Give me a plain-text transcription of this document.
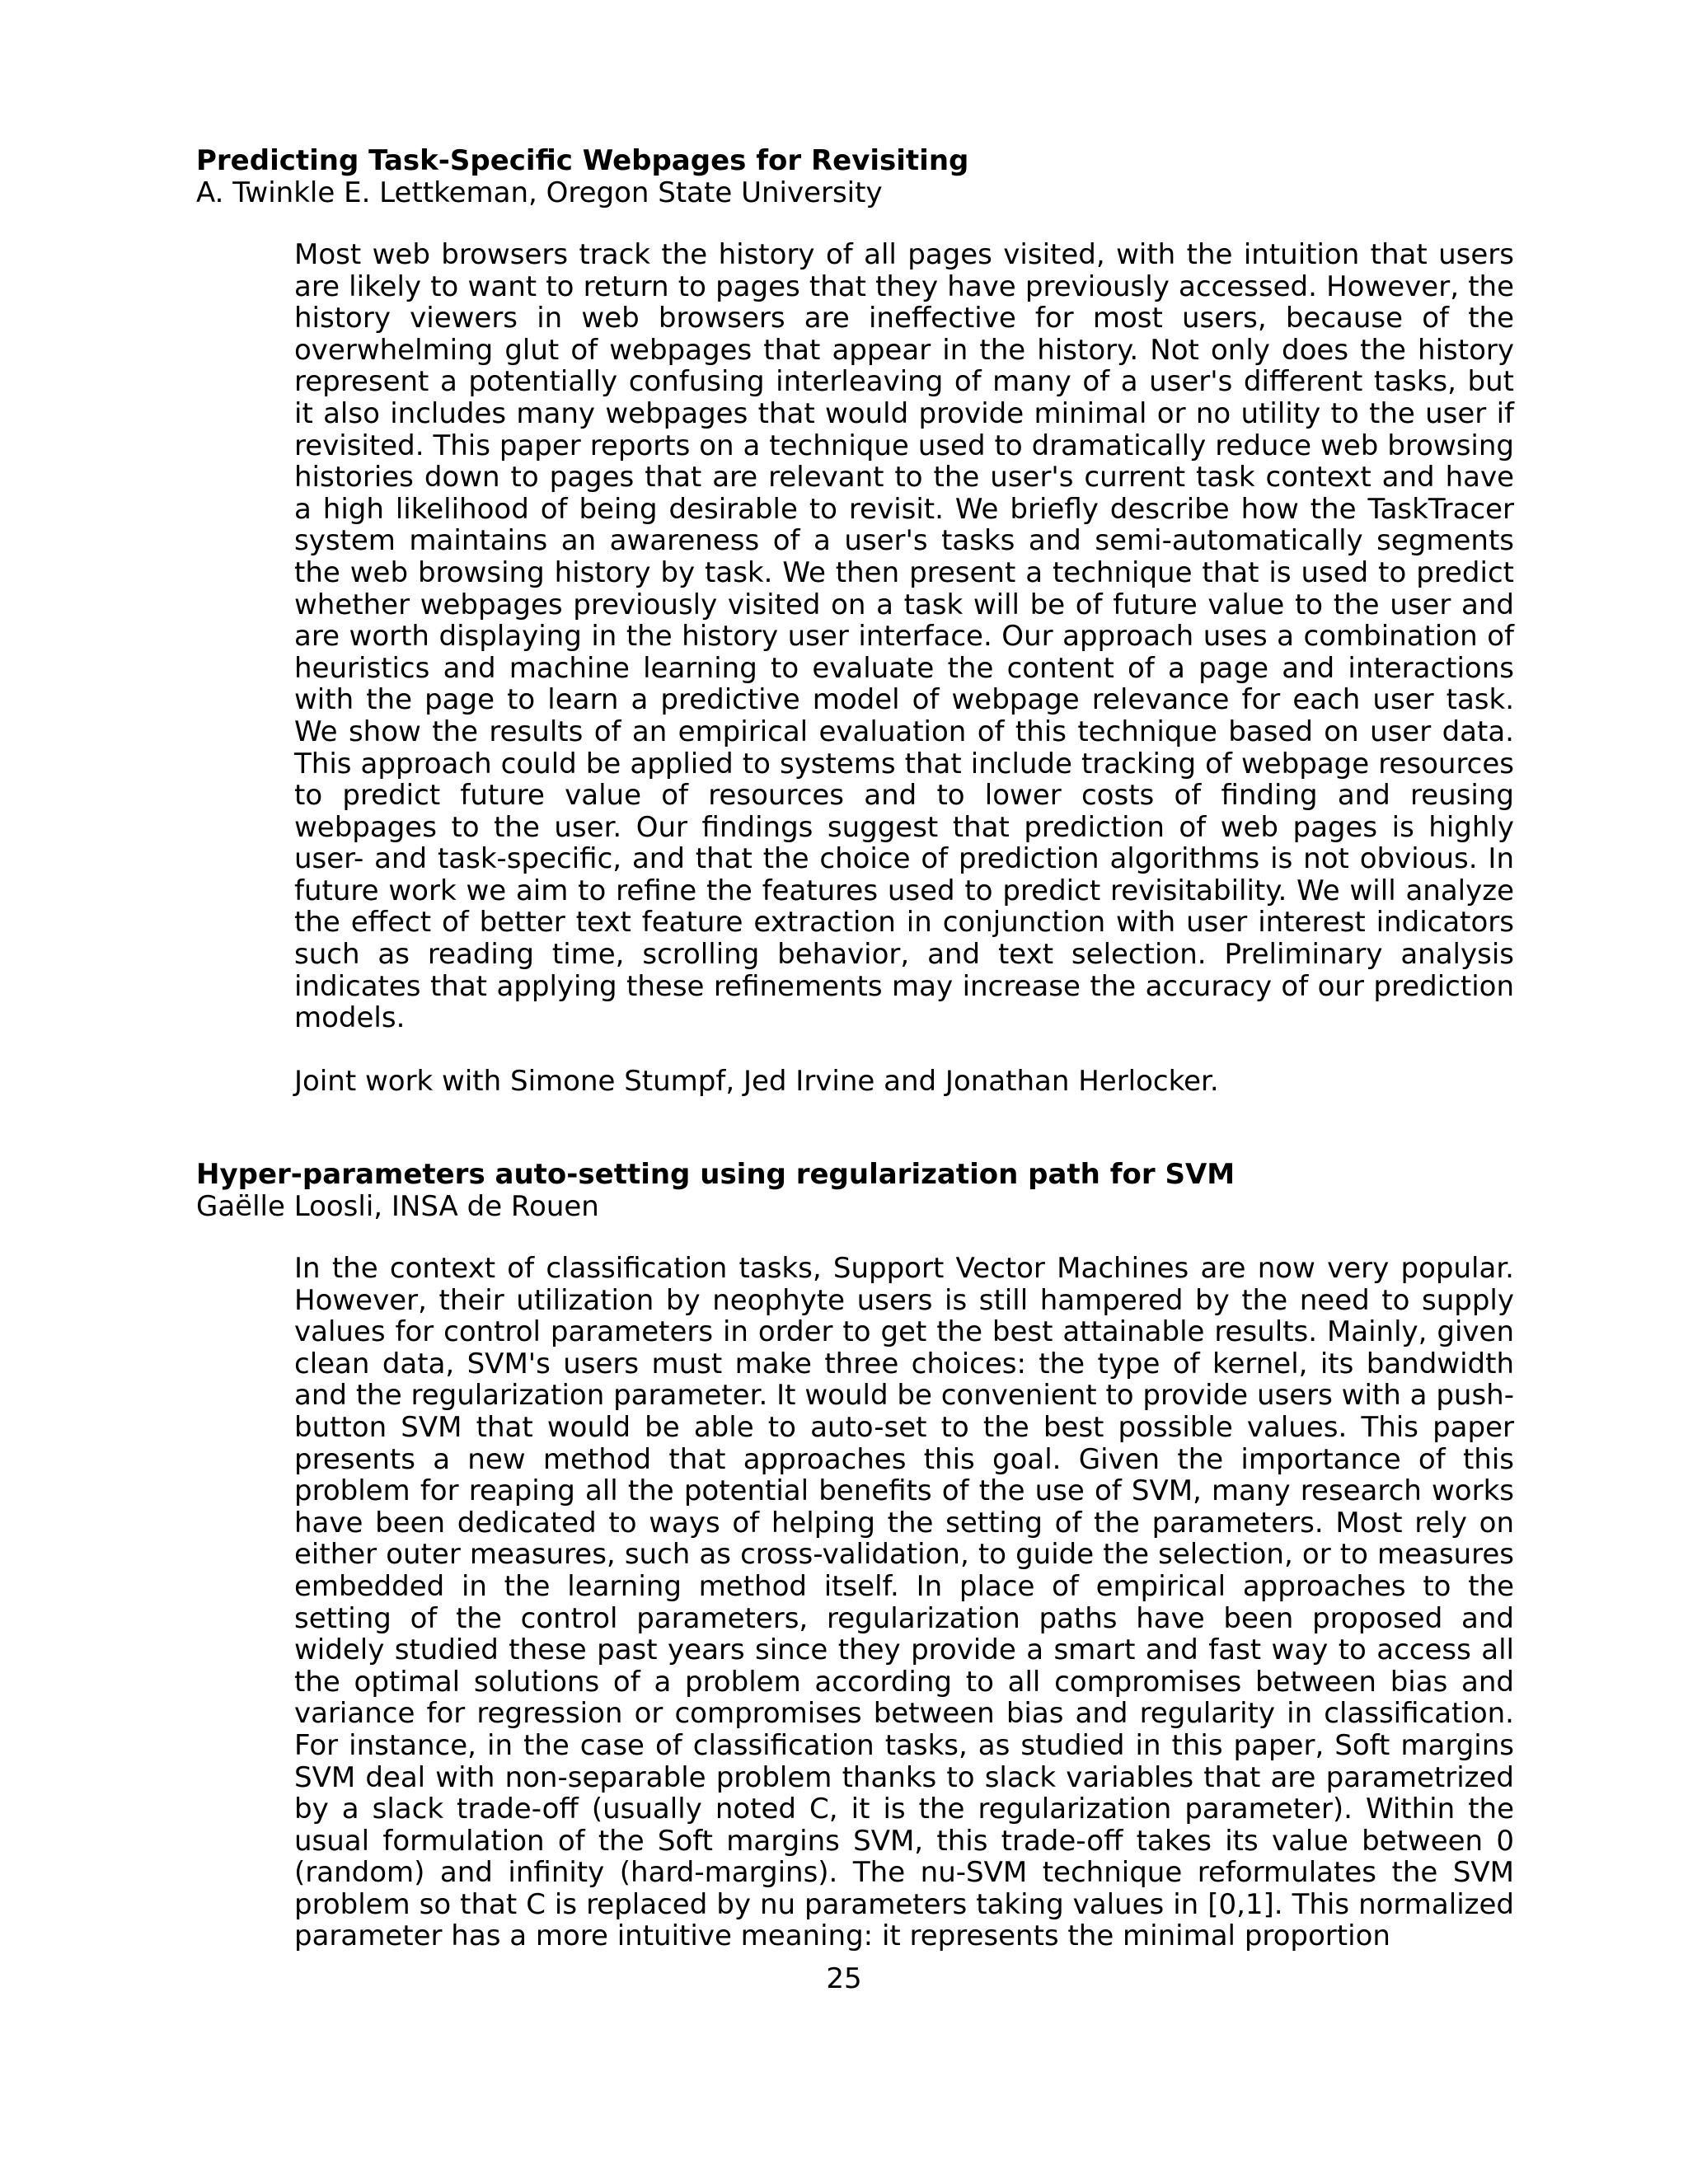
Predicting Task-Specific Webpages for Revisiting

A. Twinkle E. Lettkeman, Oregon State University

Most web browsers track the history of all pages visited, with the intuition that users are likely to want to return to pages that they have previously accessed. However, the history viewers in web browsers are ineffective for most users, because of the overwhelming glut of webpages that appear in the history. Not only does the history represent a potentially confusing interleaving of many of a user's different tasks, but it also includes many webpages that would provide minimal or no utility to the user if revisited. This paper reports on a technique used to dramatically reduce web browsing histories down to pages that are relevant to the user's current task context and have a high likelihood of being desirable to revisit. We briefly describe how the TaskTracer system maintains an awareness of a user's tasks and semi-automatically segments the web browsing history by task. We then present a technique that is used to predict whether webpages previously visited on a task will be of future value to the user and are worth displaying in the history user interface. Our approach uses a combination of heuristics and machine learning to evaluate the content of a page and interactions with the page to learn a predictive model of webpage relevance for each user task. We show the results of an empirical evaluation of this technique based on user data. This approach could be applied to systems that include tracking of webpage resources to predict future value of resources and to lower costs of finding and reusing webpages to the user. Our findings suggest that prediction of web pages is highly user- and task-specific, and that the choice of prediction algorithms is not obvious. In future work we aim to refine the features used to predict revisitability. We will analyze the effect of better text feature extraction in conjunction with user interest indicators such as reading time, scrolling behavior, and text selection. Preliminary analysis indicates that applying these refinements may increase the accuracy of our prediction models.

Joint work with Simone Stumpf, Jed Irvine and Jonathan Herlocker.

Hyper-parameters auto-setting using regularization path for SVM

Gaëlle Loosli, INSA de Rouen

In the context of classification tasks, Support Vector Machines are now very popular. However, their utilization by neophyte users is still hampered by the need to supply values for control parameters in order to get the best attainable results. Mainly, given clean data, SVM's users must make three choices: the type of kernel, its bandwidth and the regularization parameter. It would be convenient to provide users with a push-button SVM that would be able to auto-set to the best possible values. This paper presents a new method that approaches this goal. Given the importance of this problem for reaping all the potential benefits of the use of SVM, many research works have been dedicated to ways of helping the setting of the parameters. Most rely on either outer measures, such as cross-validation, to guide the selection, or to measures embedded in the learning method itself. In place of empirical approaches to the setting of the control parameters, regularization paths have been proposed and widely studied these past years since they provide a smart and fast way to access all the optimal solutions of a problem according to all compromises between bias and variance for regression or compromises between bias and regularity in classification. For instance, in the case of classification tasks, as studied in this paper, Soft margins SVM deal with non-separable problem thanks to slack variables that are parametrized by a slack trade-off (usually noted C, it is the regularization parameter). Within the usual formulation of the Soft margins SVM, this trade-off takes its value between 0 (random) and infinity (hard-margins). The nu-SVM technique reformulates the SVM problem so that C is replaced by nu parameters taking values in [0,1]. This normalized parameter has a more intuitive meaning: it represents the minimal proportion

25
